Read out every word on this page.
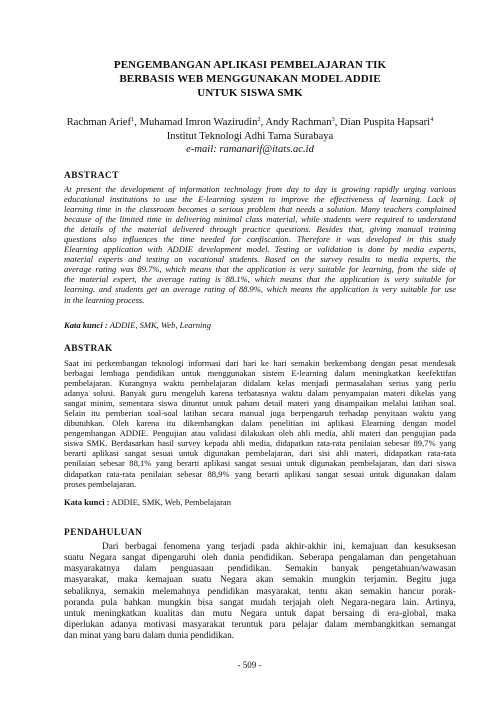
PENGEMBANGAN APLIKASI PEMBELAJARAN TIK
BERBASIS WEB MENGGUNAKAN MODEL ADDIE
UNTUK SISWA SMK
Rachman Arief$^1$, Muhamad Imron Wazirudin$^2$, Andy Rachman$^3$, Dian Puspita Hapsari$^4$
Institut Teknologi Adhi Tama Surabaya
e-mail: ramanarif@itats.ac.id
ABSTRACT
At present the development of information technology from day to day is growing rapidly urging various
educational institutions to use the E-learning system to improve the effectiveness of learning. Lack of
learning time in the classroom becomes a serious problem that needs a solution. Many teachers complained
because of the limited time in delivering minimal class material, while students were required to understand
the details of the material delivered through practice questions. Besides that, giving manual training
questions also influences the time needed for confiscation. Therefore it was developed in this study
Elearning application with ADDIE development model. Testing or validation is done by media experts,
material experts and testing on vocational students. Based on the survey results to media experts, the
average rating was 89.7%, which means that the application is very suitable for learning, from the side of
the material expert, the average rating is 88.1%, which means that the application is very suitable for
learning. and students get an average rating of 88.9%, which means the application is very suitable for use
in the learning process.
Kata kunci : ADDIE, SMK, Web, Learning
ABSTRAK
Saat ini perkembangan teknologi informasi dari hari ke hari semakin berkembang dengan pesat mendesak
berbagai lembaga pendidikan untuk menggunakan sistem E-learning dalam meningkatkan keefektifan
pembelajaran. Kurangnya waktu pembelajaran didalam kelas menjadi permasalahan serius yang perlu
adanya solusi. Banyak guru mengeluh karena terbatasnya waktu dalam penyampaian materi dikelas yang
sangat minim, sementara siswa dituntut untuk paham detail materi yang disampaikan melalui latihan soal.
Selain itu pemberian soal-soal latihan secara manual juga berpengaruh terhadap penyitaan waktu yang
dibutuhkan. Oleh karena itu dikembangkan dalam penelitian ini aplikasi Elearning dengan model
pengembangan ADDIE. Pengujian atau validasi dilakukan oleh ahli media, ahli materi dan pengujian pada
siswa SMK. Berdasarkan hasil survey kepada ahli media, didapatkan rata-rata penilaian sebesar 89,7% yang
berarti aplikasi sangat sesuai untuk digunakan pembelajaran, dari sisi ahli materi, didapatkan rata-rata
penilaian sebesar 88,1% yang berarti aplikasi sangat sesuai untuk digunakan pembelajaran, dan dari siswa
didapatkan rata-rata penilaian sebesar 88,9% yang berarti aplikasi sangat sesuai untuk digunakan dalam
proses pembelajaran.
Kata kunci : ADDIE, SMK, Web, Pembelajaran
PENDAHULUAN
Dari berbagai fenomena yang terjadi pada akhir-akhir ini, kemajuan dan kesuksesan
suatu Negara sangat dipengaruhi oleh dunia pendidikan. Seberapa pengalaman dan pengetahuan
masyarakatnya dalam penguasaan pendidikan. Semakin banyak pengetahuan/wawasan
masyarakat, maka kemajuan suatu Negara akan semakin mungkin terjamin. Begitu juga
sebaliknya, semakin melemahnya pendidikan masyarakat, tentu akan semakin hancur porak-
poranda pula bahkan mungkin bisa sangat mudah terjajah oleh Negara-negara lain. Artinya,
untuk meningkatkan kualitas dan mutu Negara untuk dapat bersaing di era-global, maka
diperlukan adanya motivasi masyarakat teruntuk para pelajar dalam membangkitkan semangat
dan minat yang baru dalam dunia pendidikan.
- 509 -
